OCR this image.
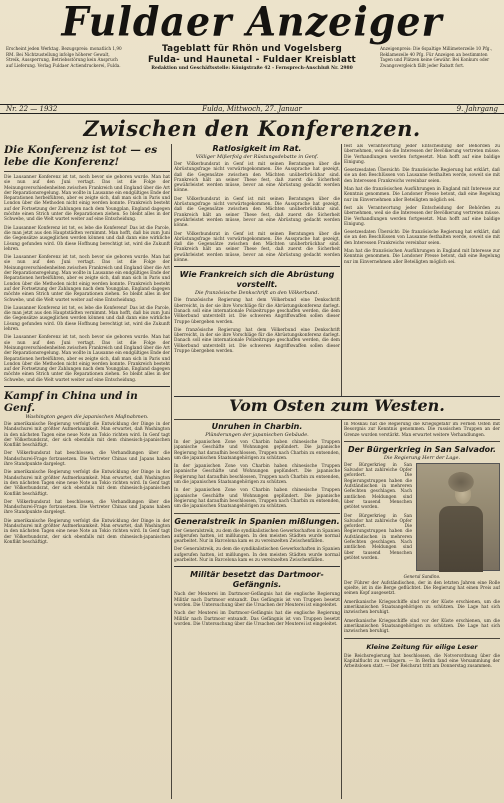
Fuldaer Anzeiger
Erscheint jeden Werktag. Bezugspreis: monatlich 1,90 RM. Bei Nichtzustellung infolge höherer Gewalt, Streik, Aussperrung, Betriebsstörung kein Anspruch auf Lieferung. Verlag Fuldaer Actiendruckerei, Fulda.
Tageblatt für Rhön und Vogelsberg
Fulda- und Haunetal - Fuldaer Kreisblatt
Redaktion und Geschäftsstelle: Königstraße 42 - Fernsprech-Anschluß Nr. 2980
Anzeigenpreis: Die 6spaltige Millimeterzeile 10 Pfg., Reklamezeile 40 Pfg. Für Anzeigen an bestimmten Tagen und Plätzen keine Gewähr. Bei Konkurs oder Zwangsvergleich fällt jeder Rabatt fort.
Nr. 22 — 1932	Fulda, Mittwoch, 27. Januar	9. Jahrgang
Zwischen den Konferenzen.
Die Konferenz ist tot — es lebe die Konferenz!

Die Lausanner Konferenz ist tot, noch bevor sie geboren wurde. Man hat sie nun auf den Juni vertagt. Das ist die Folge der Meinungsverschiedenheiten zwischen Frankreich und England über die Art der Reparationsregelung. Man wollte in Lausanne ein endgültiges Ende der Reparationen herbeiführen, aber es zeigte sich, daß man sich in Paris und London über die Methoden nicht einig werden konnte. Frankreich besteht auf der Fortsetzung der Zahlungen nach dem Youngplan, England dagegen möchte einen Strich unter die Reparationen ziehen. So bleibt alles in der Schwebe, und die Welt wartet weiter auf eine Entscheidung.

Die Lausanner Konferenz ist tot, es lebe die Konferenz! Das ist die Parole, die man jetzt aus den Hauptstädten vernimmt. Man hofft, daß bis zum Juni die Gegensätze ausgeglichen werden können und daß dann eine wirkliche Lösung gefunden wird. Ob diese Hoffnung berechtigt ist, wird die Zukunft lehren.

Die Lausanner Konferenz ist tot, noch bevor sie geboren wurde. Man hat sie nun auf den Juni vertagt. Das ist die Folge der Meinungsverschiedenheiten zwischen Frankreich und England über die Art der Reparationsregelung. Man wollte in Lausanne ein endgültiges Ende der Reparationen herbeiführen, aber es zeigte sich, daß man sich in Paris und London über die Methoden nicht einig werden konnte. Frankreich besteht auf der Fortsetzung der Zahlungen nach dem Youngplan, England dagegen möchte einen Strich unter die Reparationen ziehen. So bleibt alles in der Schwebe, und die Welt wartet weiter auf eine Entscheidung.

Die Lausanner Konferenz ist tot, es lebe die Konferenz! Das ist die Parole, die man jetzt aus den Hauptstädten vernimmt. Man hofft, daß bis zum Juni die Gegensätze ausgeglichen werden können und daß dann eine wirkliche Lösung gefunden wird. Ob diese Hoffnung berechtigt ist, wird die Zukunft lehren.

Die Lausanner Konferenz ist tot, noch bevor sie geboren wurde. Man hat sie nun auf den Juni vertagt. Das ist die Folge der Meinungsverschiedenheiten zwischen Frankreich und England über die Art der Reparationsregelung. Man wollte in Lausanne ein endgültiges Ende der Reparationen herbeiführen, aber es zeigte sich, daß man sich in Paris und London über die Methoden nicht einig werden konnte. Frankreich besteht auf der Fortsetzung der Zahlungen nach dem Youngplan, England dagegen möchte einen Strich unter die Reparationen ziehen. So bleibt alles in der Schwebe, und die Welt wartet weiter auf eine Entscheidung.

Kampf in China und in Genf.
Washington gegen die japanischen Maßnahmen.

Die amerikanische Regierung verfolgt die Entwicklung der Dinge in der Mandschurei mit größter Aufmerksamkeit. Man erwartet, daß Washington in den nächsten Tagen eine neue Note an Tokio richten wird. In Genf tagt der Völkerbundsrat, der sich ebenfalls mit dem chinesisch-japanischen Konflikt beschäftigt.

Der Völkerbundsrat hat beschlossen, die Verhandlungen über die Mandschurei-Frage fortzusetzen. Die Vertreter Chinas und Japans haben ihre Standpunkte dargelegt.

Die amerikanische Regierung verfolgt die Entwicklung der Dinge in der Mandschurei mit größter Aufmerksamkeit. Man erwartet, daß Washington in den nächsten Tagen eine neue Note an Tokio richten wird. In Genf tagt der Völkerbundsrat, der sich ebenfalls mit dem chinesisch-japanischen Konflikt beschäftigt.

Der Völkerbundsrat hat beschlossen, die Verhandlungen über die Mandschurei-Frage fortzusetzen. Die Vertreter Chinas und Japans haben ihre Standpunkte dargelegt.

Die amerikanische Regierung verfolgt die Entwicklung der Dinge in der Mandschurei mit größter Aufmerksamkeit. Man erwartet, daß Washington in den nächsten Tagen eine neue Note an Tokio richten wird. In Genf tagt der Völkerbundsrat, der sich ebenfalls mit dem chinesisch-japanischen Konflikt beschäftigt.

Ratlosigkeit im Rat.
Völliger Mißerfolg der Rüstungsdebatte in Genf.

Der Völkerbundsrat in Genf ist mit seinen Beratungen über die Abrüstungsfrage nicht vorwärtsgekommen. Die Aussprache hat gezeigt, daß die Gegensätze zwischen den Mächten unüberbrückbar sind. Frankreich hält an seiner These fest, daß zuerst die Sicherheit gewährleistet werden müsse, bevor an eine Abrüstung gedacht werden könne.

Der Völkerbundsrat in Genf ist mit seinen Beratungen über die Abrüstungsfrage nicht vorwärtsgekommen. Die Aussprache hat gezeigt, daß die Gegensätze zwischen den Mächten unüberbrückbar sind. Frankreich hält an seiner These fest, daß zuerst die Sicherheit gewährleistet werden müsse, bevor an eine Abrüstung gedacht werden könne.

Der Völkerbundsrat in Genf ist mit seinen Beratungen über die Abrüstungsfrage nicht vorwärtsgekommen. Die Aussprache hat gezeigt, daß die Gegensätze zwischen den Mächten unüberbrückbar sind. Frankreich hält an seiner These fest, daß zuerst die Sicherheit gewährleistet werden müsse, bevor an eine Abrüstung gedacht werden könne.

Wie Frankreich sich die Abrüstung vorstellt.
Die französische Denkschrift an den Völkerbund.

Die französische Regierung hat dem Völkerbund eine Denkschrift überreicht, in der sie ihre Vorschläge für die Abrüstungskonferenz darlegt. Danach soll eine internationale Polizeitruppe geschaffen werden, die dem Völkerbund unterstellt ist. Die schweren Angriffswaffen sollen dieser Truppe übergeben werden.

Die französische Regierung hat dem Völkerbund eine Denkschrift überreicht, in der sie ihre Vorschläge für die Abrüstungskonferenz darlegt. Danach soll eine internationale Polizeitruppe geschaffen werden, die dem Völkerbund unterstellt ist. Die schweren Angriffswaffen sollen dieser Truppe übergeben werden.

Vom Osten zum Westen.
Unruhen in Charbin.
Plünderungen der japanischen Gebäude.

In der japanischen Zone von Charbin haben chinesische Truppen japanische Geschäfte und Wohnungen geplündert. Die japanische Regierung hat daraufhin beschlossen, Truppen nach Charbin zu entsenden, um die japanischen Staatsangehörigen zu schützen.

In der japanischen Zone von Charbin haben chinesische Truppen japanische Geschäfte und Wohnungen geplündert. Die japanische Regierung hat daraufhin beschlossen, Truppen nach Charbin zu entsenden, um die japanischen Staatsangehörigen zu schützen.

In der japanischen Zone von Charbin haben chinesische Truppen japanische Geschäfte und Wohnungen geplündert. Die japanische Regierung hat daraufhin beschlossen, Truppen nach Charbin zu entsenden, um die japanischen Staatsangehörigen zu schützen.

Generalstreik in Spanien mißlungen.

Der Generalstreik, zu dem die syndikalistischen Gewerkschaften in Spanien aufgerufen hatten, ist mißlungen. In den meisten Städten wurde normal gearbeitet. Nur in Barcelona kam es zu vereinzelten Zwischenfällen.

Der Generalstreik, zu dem die syndikalistischen Gewerkschaften in Spanien aufgerufen hatten, ist mißlungen. In den meisten Städten wurde normal gearbeitet. Nur in Barcelona kam es zu vereinzelten Zwischenfällen.

Militär besetzt das Dartmoor-Gefängnis.

Nach der Meuterei im Dartmoor-Gefängnis hat die englische Regierung Militär nach Dartmoor entsandt. Das Gefängnis ist von Truppen besetzt worden. Die Untersuchung über die Ursachen der Meuterei ist eingeleitet.

Nach der Meuterei im Dartmoor-Gefängnis hat die englische Regierung Militär nach Dartmoor entsandt. Das Gefängnis ist von Truppen besetzt worden. Die Untersuchung über die Ursachen der Meuterei ist eingeleitet.

fest als Verantwortung jeder Entscheidung der Behörden zu übernehmen, weil sie die Interessen der Bevölkerung vertreten müsse. Die Verhandlungen werden fortgesetzt. Man hofft auf eine baldige Einigung.

Gesetzesdaten Übersicht: Die französische Regierung hat erklärt, daß sie an den Beschlüssen von Lausanne festhalten werde, soweit sie mit den Interessen Frankreichs vereinbar seien.

Man hat die französischen Ausführungen in England mit Interesse zur Kenntnis genommen. Die Londoner Presse betont, daß eine Regelung nur im Einvernehmen aller Beteiligten möglich sei.

fest als Verantwortung jeder Entscheidung der Behörden zu übernehmen, weil sie die Interessen der Bevölkerung vertreten müsse. Die Verhandlungen werden fortgesetzt. Man hofft auf eine baldige Einigung.

Gesetzesdaten Übersicht: Die französische Regierung hat erklärt, daß sie an den Beschlüssen von Lausanne festhalten werde, soweit sie mit den Interessen Frankreichs vereinbar seien.

Man hat die französischen Ausführungen in England mit Interesse zur Kenntnis genommen. Die Londoner Presse betont, daß eine Regelung nur im Einvernehmen aller Beteiligten möglich sei.

In Moskau hat die Regierung die Kriegsgefahr im Fernen Osten mit Besorgnis zur Kenntnis genommen. Die russischen Truppen an der Grenze wurden verstärkt. Man erwartet weitere Verhandlungen.

Der Bürgerkrieg in San Salvador.
Die Regierung Herr der Lage.

Der Bürgerkrieg in San Salvador hat zahlreiche Opfer gefordert. Die Regierungstruppen haben die Aufständischen in mehreren Gefechten geschlagen. Nach amtlichen Meldungen sind über tausend Menschen getötet worden.

Der Bürgerkrieg in San Salvador hat zahlreiche Opfer gefordert. Die Regierungstruppen haben die Aufständischen in mehreren Gefechten geschlagen. Nach amtlichen Meldungen sind über tausend Menschen getötet worden.

General Sandino.

Der Führer der Aufständischen, der in den letzten Jahren eine Rolle spielte, ist in die Berge geflüchtet. Die Regierung hat einen Preis auf seinen Kopf ausgesetzt.

Amerikanische Kriegsschiffe sind vor der Küste erschienen, um die amerikanischen Staatsangehörigen zu schützen. Die Lage hat sich inzwischen beruhigt.

Amerikanische Kriegsschiffe sind vor der Küste erschienen, um die amerikanischen Staatsangehörigen zu schützen. Die Lage hat sich inzwischen beruhigt.

Kleine Zeitung für eilige Leser

Die Reichsregierung hat beschlossen, die Notverordnung über die Kapitalflucht zu verlängern. — In Berlin fand eine Versammlung der Arbeitslosen statt. — Der Reichsrat tritt am Donnerstag zusammen.
